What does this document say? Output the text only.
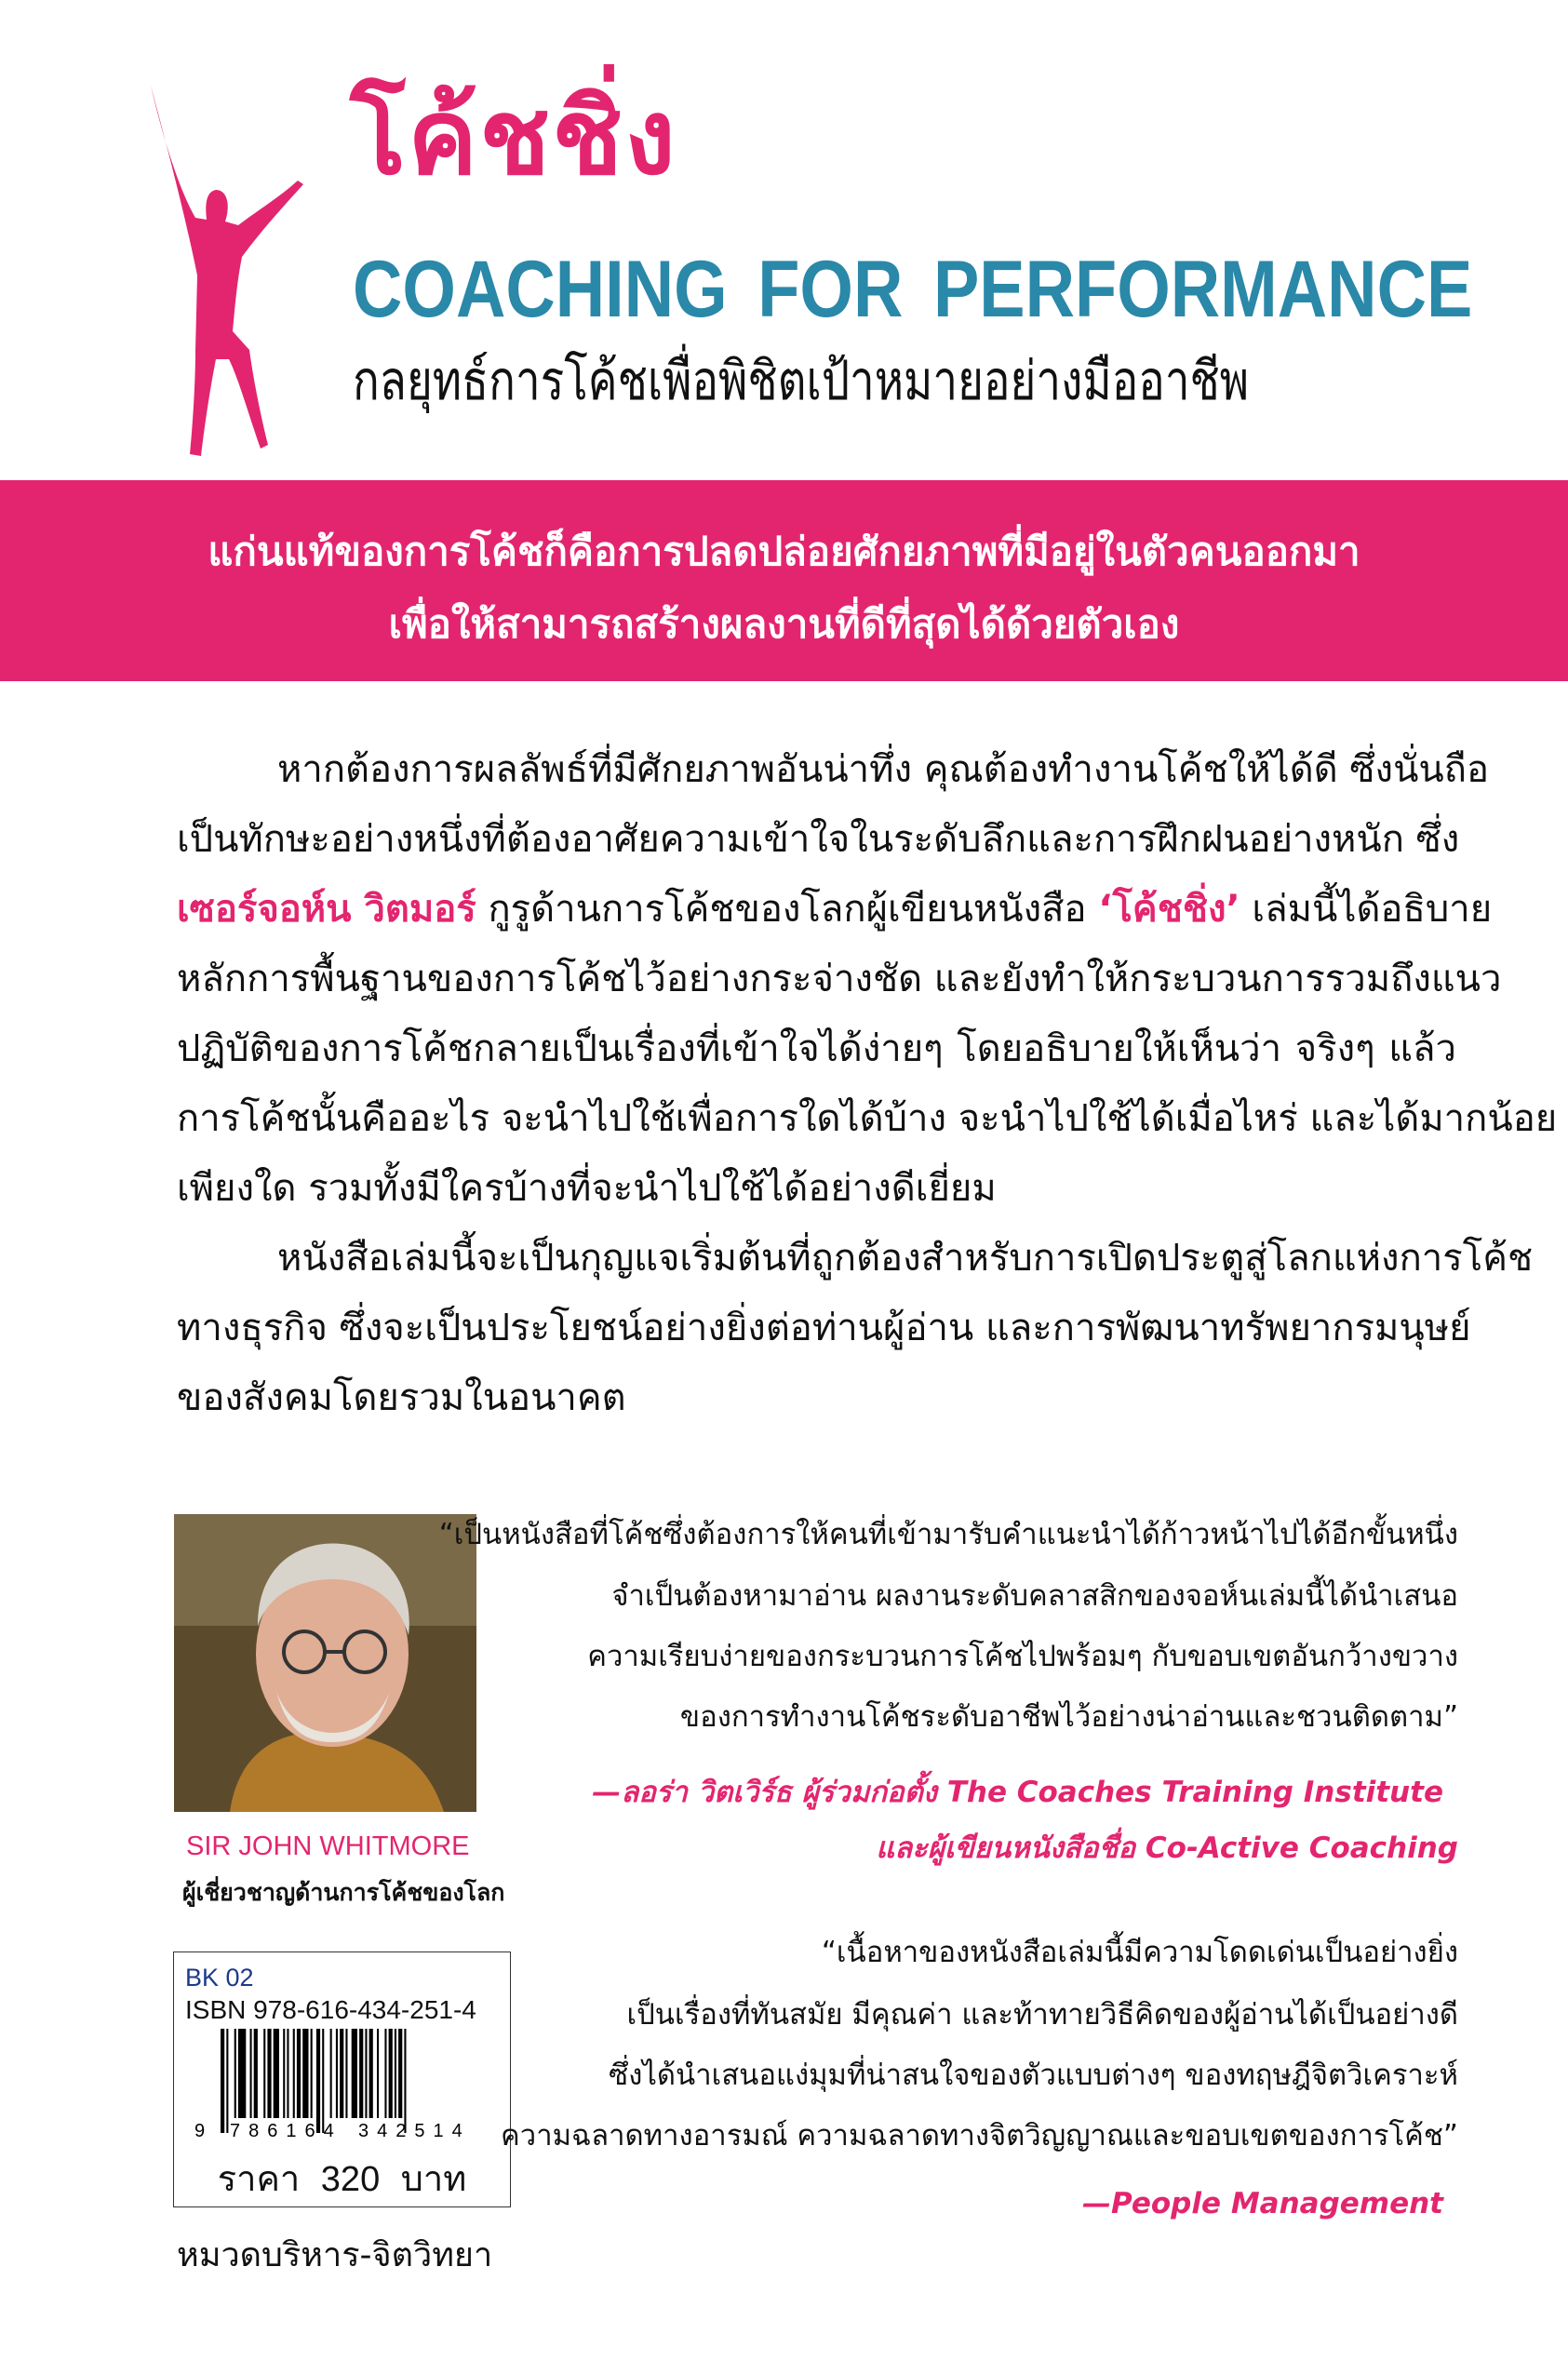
โค้ชชิ่ง
COACHING FOR PERFORMANCE
กลยุทธ์การโค้ชเพื่อพิชิตเป้าหมายอย่างมืออาชีพ
แก่นแท้ของการโค้ชก็คือการปลดปล่อยศักยภาพที่มีอยู่ในตัวคนออกมา
เพื่อให้สามารถสร้างผลงานที่ดีที่สุดได้ด้วยตัวเอง
หากต้องการผลลัพธ์ที่มีศักยภาพอันน่าทึ่ง คุณต้องทำงานโค้ชให้ได้ดี ซึ่งนั่นถือ
เป็นทักษะอย่างหนึ่งที่ต้องอาศัยความเข้าใจในระดับลึกและการฝึกฝนอย่างหนัก ซึ่ง
เซอร์จอห์น วิตมอร์ กูรูด้านการโค้ชของโลกผู้เขียนหนังสือ ‘โค้ชชิ่ง’ เล่มนี้ได้อธิบาย
หลักการพื้นฐานของการโค้ชไว้อย่างกระจ่างชัด และยังทำให้กระบวนการรวมถึงแนว
ปฏิบัติของการโค้ชกลายเป็นเรื่องที่เข้าใจได้ง่ายๆ โดยอธิบายให้เห็นว่า จริงๆ แล้ว
การโค้ชนั้นคืออะไร จะนำไปใช้เพื่อการใดได้บ้าง จะนำไปใช้ได้เมื่อไหร่ และได้มากน้อย
เพียงใด รวมทั้งมีใครบ้างที่จะนำไปใช้ได้อย่างดีเยี่ยม
หนังสือเล่มนี้จะเป็นกุญแจเริ่มต้นที่ถูกต้องสำหรับการเปิดประตูสู่โลกแห่งการโค้ช
ทางธุรกิจ ซึ่งจะเป็นประโยชน์อย่างยิ่งต่อท่านผู้อ่าน และการพัฒนาทรัพยากรมนุษย์
ของสังคมโดยรวมในอนาคต
SIR JOHN WHITMORE
ผู้เชี่ยวชาญด้านการโค้ชของโลก
BK 02
ISBN 978-616-434-251-4
9 786164 342514
ราคา 320 บาท
หมวดบริหาร-จิตวิทยา
“เป็นหนังสือที่โค้ชซึ่งต้องการให้คนที่เข้ามารับคำแนะนำได้ก้าวหน้าไปได้อีกขั้นหนึ่ง
จำเป็นต้องหามาอ่าน ผลงานระดับคลาสสิกของจอห์นเล่มนี้ได้นำเสนอ
ความเรียบง่ายของกระบวนการโค้ชไปพร้อมๆ กับขอบเขตอันกว้างขวาง
ของการทำงานโค้ชระดับอาชีพไว้อย่างน่าอ่านและชวนติดตาม”
—ลอร่า วิตเวิร์ธ ผู้ร่วมก่อตั้ง The Coaches Training Institute
และผู้เขียนหนังสือชื่อ Co-Active Coaching
“เนื้อหาของหนังสือเล่มนี้มีความโดดเด่นเป็นอย่างยิ่ง
เป็นเรื่องที่ทันสมัย มีคุณค่า และท้าทายวิธีคิดของผู้อ่านได้เป็นอย่างดี
ซึ่งได้นำเสนอแง่มุมที่น่าสนใจของตัวแบบต่างๆ ของทฤษฎีจิตวิเคราะห์
ความฉลาดทางอารมณ์ ความฉลาดทางจิตวิญญาณและขอบเขตของการโค้ช”
—People Management
